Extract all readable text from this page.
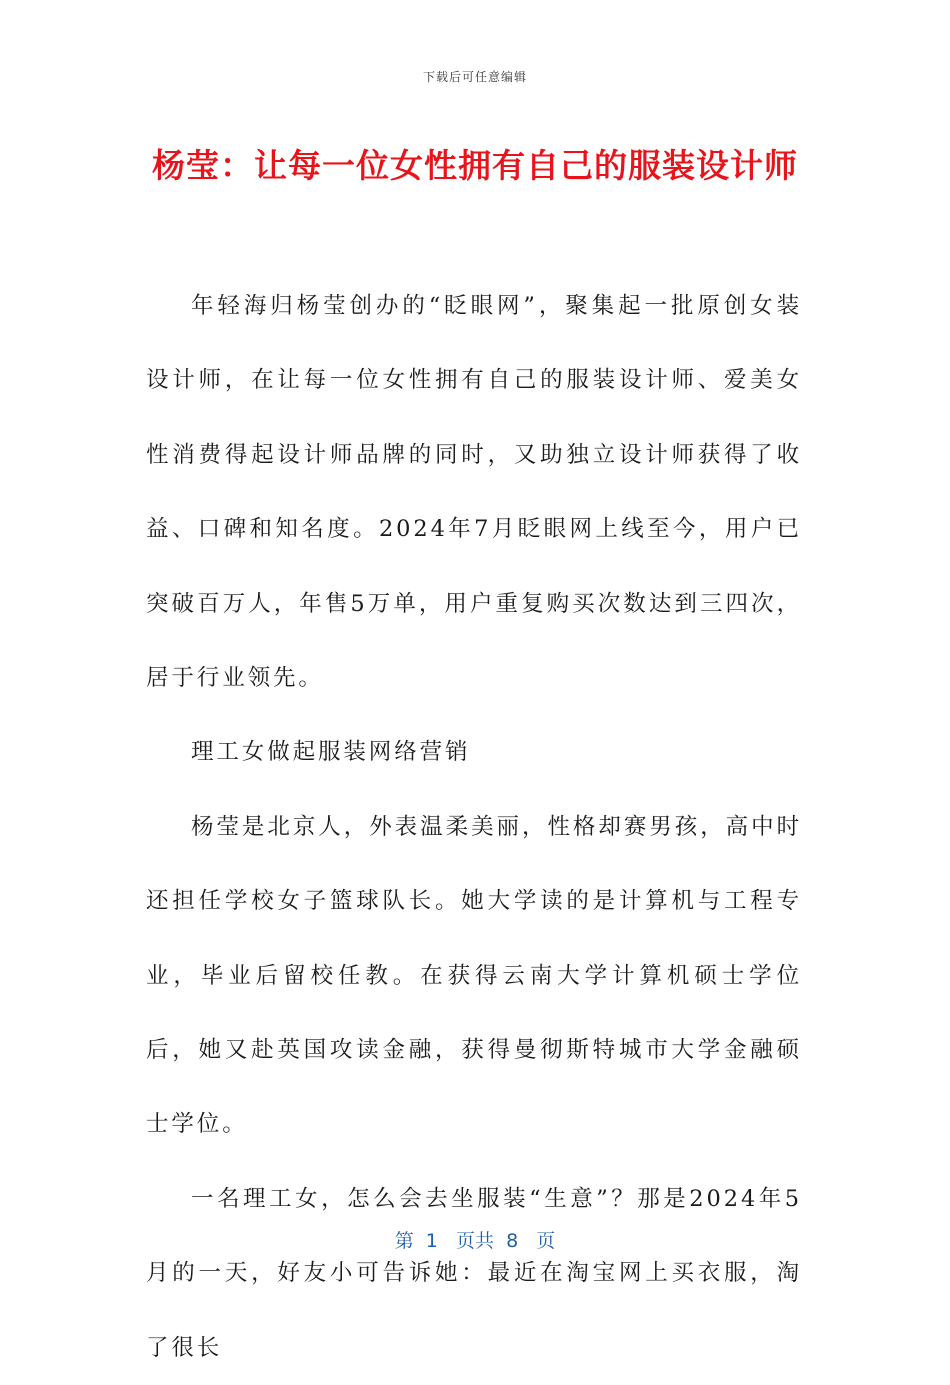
下载后可任意编辑
杨莹：让每一位女性拥有自己的服装设计师

年轻海归杨莹创办的“眨眼网”，聚集起一批原创女装设计师，在让每一位女性拥有自己的服装设计师、爱美女性消费得起设计师品牌的同时，又助独立设计师获得了收益、口碑和知名度。2024年7月眨眼网上线至今，用户已突破百万人，年售5万单，用户重复购买次数达到三四次，居于行业领先。

理工女做起服装网络营销

杨莹是北京人，外表温柔美丽，性格却赛男孩，高中时还担任学校女子篮球队长。她大学读的是计算机与工程专业，毕业后留校任教。在获得云南大学计算机硕士学位后，她又赴英国攻读金融，获得曼彻斯特城市大学金融硕士学位。

一名理工女，怎么会去坐服装“生意”？那是2024年5月的一天，好友小可告诉她：最近在淘宝网上买衣服，淘了很长

第  1   页共  8   页
